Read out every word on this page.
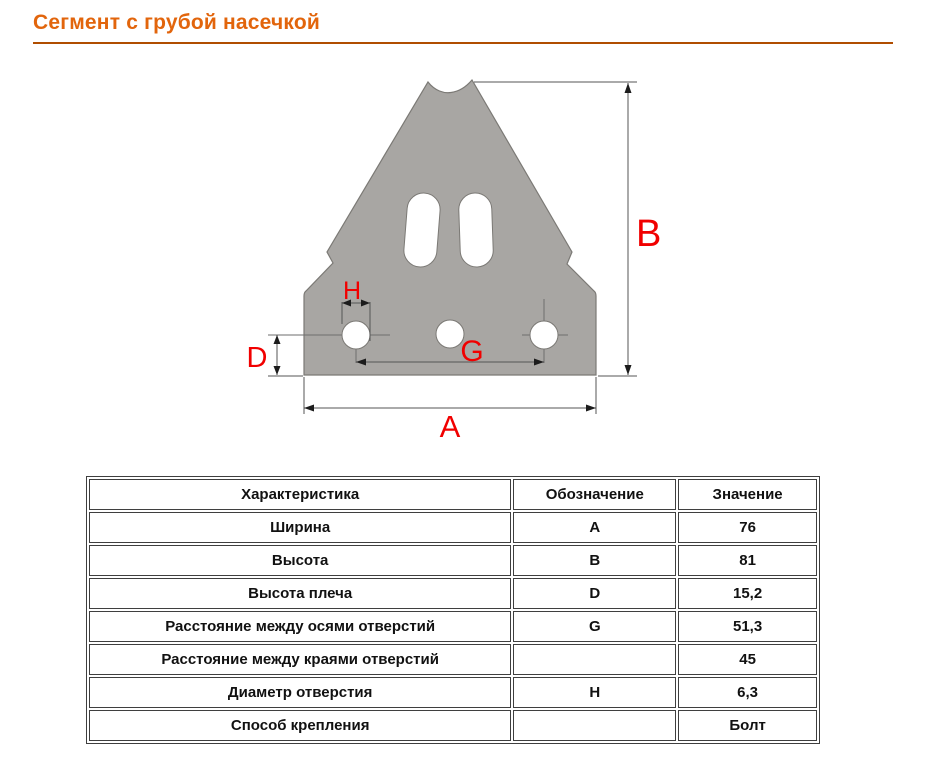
Сегмент с грубой насечкой
H
D	G
A
B
Характеристика	Обозначение	Значение
Ширина	A	76
Высота	B	81
Высота плеча	D	15,2
Расстояние между осями отверстий	G	51,3
Расстояние между краями отверстий		45
Диаметр отверстия	H	6,3
Способ крепления		Болт
